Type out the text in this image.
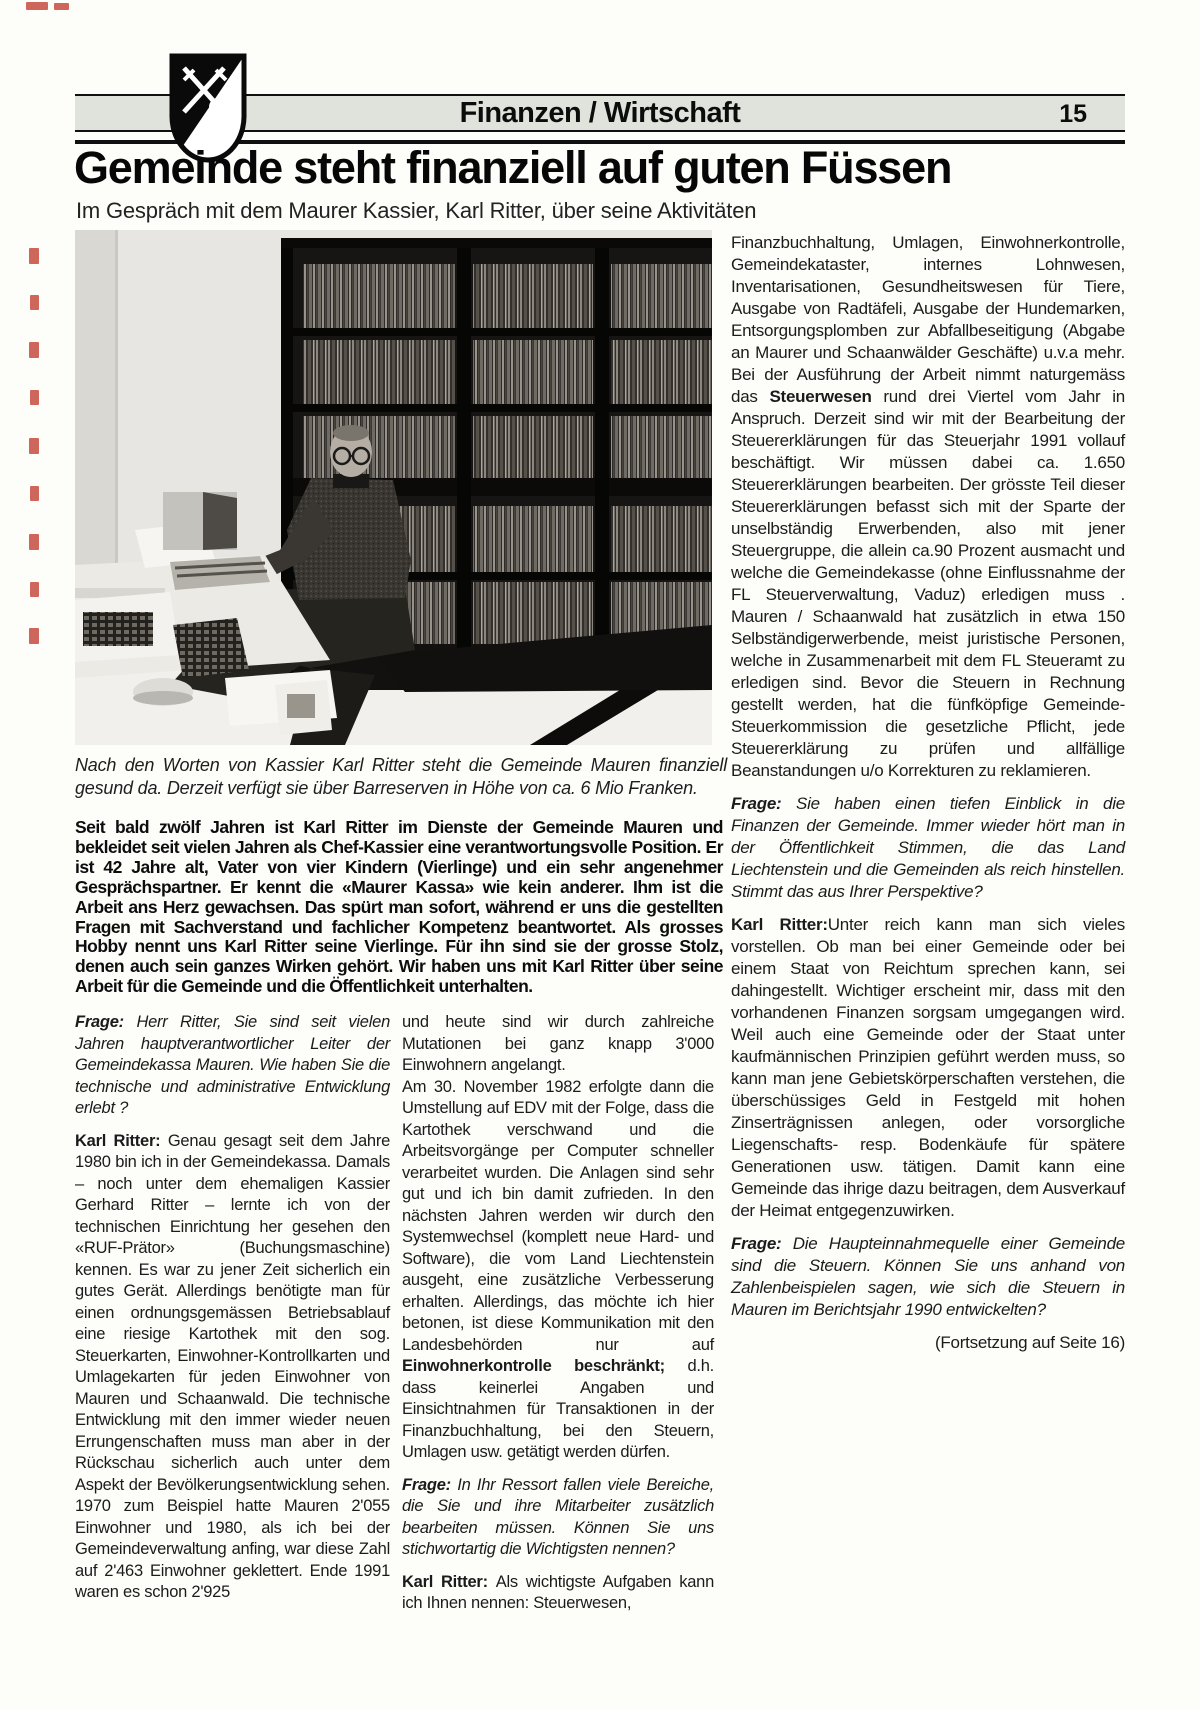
Finanzen / Wirtschaft	15
Gemeinde steht finanziell auf guten Füssen
Im Gespräch mit dem Maurer Kassier, Karl Ritter, über seine Aktivitäten
Nach den Worten von Kassier Karl Ritter steht die Gemeinde Mauren finanziell gesund da. Derzeit verfügt sie über Barreserven in Höhe von ca. 6 Mio Franken.
Seit bald zwölf Jahren ist Karl Ritter im Dienste der Gemeinde Mauren und bekleidet seit vielen Jahren als Chef-Kassier eine verantwortungsvolle Position. Er ist 42 Jahre alt, Vater von vier Kindern (Vierlinge) und ein sehr angenehmer Gesprächspartner. Er kennt die «Maurer Kassa» wie kein anderer. Ihm ist die Arbeit ans Herz gewachsen. Das spürt man sofort, während er uns die gestellten Fragen mit Sachverstand und fachlicher Kompetenz beantwortet. Als grosses Hobby nennt uns Karl Ritter seine Vierlinge. Für ihn sind sie der grosse Stolz, denen auch sein ganzes Wirken gehört. Wir haben uns mit Karl Ritter über seine Arbeit für die Gemeinde und die Öffentlichkeit unterhalten.

Frage: Herr Ritter, Sie sind seit vielen Jahren hauptverantwortlicher Leiter der Gemeindekassa Mauren. Wie haben Sie die technische und administrative Entwicklung erlebt ?

Karl Ritter: Genau gesagt seit dem Jahre 1980 bin ich in der Gemeindekassa. Damals – noch unter dem ehemaligen Kassier Gerhard Ritter – lernte ich von der technischen Einrichtung her gesehen den «RUF-Prätor» (Buchungsmaschine) kennen. Es war zu jener Zeit sicherlich ein gutes Gerät. Allerdings benötigte man für einen ordnungsgemässen Betriebsablauf eine riesige Kartothek mit den sog. Steuerkarten, Einwohner-Kontrollkarten und Umlagekarten für jeden Einwohner von Mauren und Schaanwald. Die technische Entwicklung mit den immer wieder neuen Errungenschaften muss man aber in der Rückschau sicherlich auch unter dem Aspekt der Bevölkerungsentwicklung sehen. 1970 zum Beispiel hatte Mauren 2'055 Einwohner und 1980, als ich bei der Gemeindeverwaltung anfing, war diese Zahl auf 2'463 Einwohner geklettert. Ende 1991 waren es schon 2'925

und heute sind wir durch zahlreiche Mutationen bei ganz knapp 3'000 Einwohnern angelangt.

Am 30. November 1982 erfolgte dann die Umstellung auf EDV mit der Folge, dass die Kartothek verschwand und die Arbeitsvorgänge per Computer schneller verarbeitet wurden. Die Anlagen sind sehr gut und ich bin damit zufrieden. In den nächsten Jahren werden wir durch den Systemwechsel (komplett neue Hard- und Software), die vom Land Liechtenstein ausgeht, eine zusätzliche Verbesserung erhalten. Allerdings, das möchte ich hier betonen, ist diese Kommunikation mit den Landesbehörden nur auf Einwohnerkontrolle beschränkt; d.h. dass keinerlei Angaben und Einsichtnahmen für Transaktionen in der Finanzbuchhaltung, bei den Steuern, Umlagen usw. getätigt werden dürfen.

Frage: In Ihr Ressort fallen viele Bereiche, die Sie und ihre Mitarbeiter zusätzlich bearbeiten müssen. Können Sie uns stichwortartig die Wichtigsten nennen?

Karl Ritter: Als wichtigste Aufgaben kann ich Ihnen nennen: Steuerwesen,

Finanzbuchhaltung, Umlagen, Einwohnerkontrolle, Gemeindekataster, internes Lohnwesen, Inventarisationen, Gesundheitswesen für Tiere, Ausgabe von Radtäfeli, Ausgabe der Hundemarken, Entsorgungsplomben zur Abfallbeseitigung (Abgabe an Maurer und Schaanwälder Geschäfte) u.v.a mehr. Bei der Ausführung der Arbeit nimmt naturgemäss das Steuerwesen rund drei Viertel vom Jahr in Anspruch. Derzeit sind wir mit der Bearbeitung der Steuererklärungen für das Steuerjahr 1991 vollauf beschäftigt. Wir müssen dabei ca. 1.650 Steuererklärungen bearbeiten. Der grösste Teil dieser Steuererklärungen befasst sich mit der Sparte der unselbständig Erwerbenden, also mit jener Steuergruppe, die allein ca.90 Prozent ausmacht und welche die Gemeindekasse (ohne Einflussnahme der FL Steuerverwaltung, Vaduz) erledigen muss . Mauren / Schaanwald hat zusätzlich in etwa 150 Selbständigerwerbende, meist juristische Personen, welche in Zusammenarbeit mit dem FL Steueramt zu erledigen sind. Bevor die Steuern in Rechnung gestellt werden, hat die fünfköpfige Gemeinde-Steuerkommission die gesetzliche Pflicht, jede Steuererklärung zu prüfen und allfällige Beanstandungen u/o Korrekturen zu reklamieren.

Frage: Sie haben einen tiefen Einblick in die Finanzen der Gemeinde. Immer wieder hört man in der Öffentlichkeit Stimmen, die das Land Liechtenstein und die Gemeinden als reich hinstellen. Stimmt das aus Ihrer Perspektive?

Karl Ritter:Unter reich kann man sich vieles vorstellen. Ob man bei einer Gemeinde oder bei einem Staat von Reichtum sprechen kann, sei dahingestellt. Wichtiger erscheint mir, dass mit den vorhandenen Finanzen sorgsam umgegangen wird. Weil auch eine Gemeinde oder der Staat unter kaufmännischen Prinzipien geführt werden muss, so kann man jene Gebietskörperschaften verstehen, die überschüssiges Geld in Festgeld mit hohen Zinserträgnissen anlegen, oder vorsorgliche Liegenschafts- resp. Bodenkäufe für spätere Generationen usw. tätigen. Damit kann eine Gemeinde das ihrige dazu beitragen, dem Ausverkauf der Heimat entgegenzuwirken.

Frage: Die Haupteinnahmequelle einer Gemeinde sind die Steuern. Können Sie uns anhand von Zahlenbeispielen sagen, wie sich die Steuern in Mauren im Berichtsjahr 1990 entwickelten?

(Fortsetzung auf Seite 16)
